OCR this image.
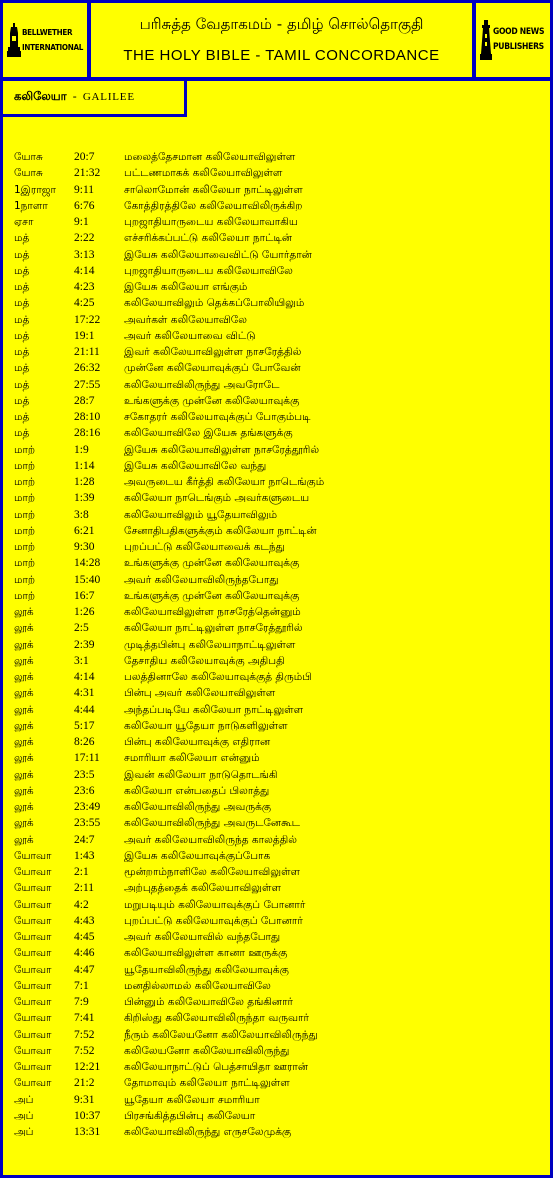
BELLWETHER
INTERNATIONAL
பரிசுத்த வேதாகமம் - தமிழ் சொல்தொகுதி
THE HOLY BIBLE - TAMIL CONCORDANCE
GOOD NEWS
PUBLISHERS
கலிலேயா - GALILEE
யோசு	20:7	மலைத்தேசமான கலிலேயாவிலுள்ள
யோசு	21:32 பட்டணமாகக் கலிலேயாவிலுள்ள
1இராஜா 9:11	சாலொமோன் கலிலேயா நாட்டிலுள்ள
1நாளா 6:76	கோத்திரத்திலே கலிலேயாவிலிருக்கிற
ஏசா	9:1	புறஜாதியாருடைய கலிலேயாவாகிய
மத்	2:22	எச்சரிக்கப்பட்டு கலிலேயா நாட்டின்
மத்	3:13	இயேசு கலிலேயாவைவிட்டு யோர்தான்
மத்	4:14	புறஜாதியாருடைய கலிலேயாவிலே
மத்	4:23	இயேசு கலிலேயா எங்கும்
மத்	4:25	கலிலேயாவிலும் தெக்கப்போலியிலும்
மத்	17:22 அவர்கள் கலிலேயாவிலே
மத்	19:1	அவர் கலிலேயாவை விட்டு
மத்	21:11 இவர் கலிலேயாவிலுள்ள நாசரேத்தில்
மத்	26:32 முன்னே கலிலேயாவுக்குப் போவேன்
மத்	27:55 கலிலேயாவிலிருந்து அவரோடே
மத்	28:7	உங்களுக்கு முன்னே கலிலேயாவுக்கு
மத்	28:10 சகோதரர் கலிலேயாவுக்குப் போகும்படி
மத்	28:16 கலிலேயாவிலே இயேசு தங்களுக்கு
மாற்	1:9	இயேசு கலிலேயாவிலுள்ள நாசரேத்தூரில்
மாற்	1:14	இயேசு கலிலேயாவிலே வந்து
மாற்	1:28	அவருடைய கீர்த்தி கலிலேயா நாடெங்கும்
மாற்	1:39	கலிலேயா நாடெங்கும் அவர்களுடைய
மாற்	3:8	கலிலேயாவிலும் யூதேயாவிலும்
மாற்	6:21	சேனாதிபதிகளுக்கும் கலிலேயா நாட்டின்
மாற்	9:30	புறப்பட்டு கலிலேயாவைக் கடந்து
மாற்	14:28 உங்களுக்கு முன்னே கலிலேயாவுக்கு
மாற்	15:40 அவர் கலிலேயாவிலிருந்தபோது
மாற்	16:7	உங்களுக்கு முன்னே கலிலேயாவுக்கு
லூக்	1:26	கலிலேயாவிலுள்ள நாசரேத்தென்னும்
லூக்	2:5	கலிலேயா நாட்டிலுள்ள நாசரேத்தூரில்
லூக்	2:39	முடித்தபின்பு கலிலேயாநாட்டிலுள்ள
லூக்	3:1	தேசாதிய கலிலேயாவுக்கு அதிபதி
லூக்	4:14	பலத்தினாலே கலிலேயாவுக்குத் திரும்பி
லூக்	4:31	பின்பு அவர் கலிலேயாவிலுள்ள
லூக்	4:44	அந்தப்படியே கலிலேயா நாட்டிலுள்ள
லூக்	5:17	கலிலேயா யூதேயா நாடுகளிலுள்ள
லூக்	8:26	பின்பு கலிலேயாவுக்கு எதிரான
லூக்	17:11 சமாரியா கலிலேயா என்னும்
லூக்	23:5	இவன் கலிலேயா நாடுதொடங்கி
லூக்	23:6	கலிலேயா என்பதைப் பிலாத்து
லூக்	23:49 கலிலேயாவிலிருந்து அவருக்கு
லூக்	23:55 கலிலேயாவிலிருந்து அவருடனேகூட
லூக்	24:7	அவர் கலிலேயாவிலிருந்த காலத்தில்
யோவா 1:43	இயேசு கலிலேயாவுக்குப்போக
யோவா 2:1	மூன்றாம்நாளிலே கலிலேயாவிலுள்ள
யோவா 2:11	அற்புதத்தைக் கலிலேயாவிலுள்ள
யோவா 4:2	மறுபடியும் கலிலேயாவுக்குப் போனார்
யோவா 4:43	புறப்பட்டு கலிலேயாவுக்குப் போனார்
யோவா 4:45	அவர் கலிலேயாவில் வந்தபோது
யோவா 4:46	கலிலேயாவிலுள்ள கானா ஊருக்கு
யோவா 4:47	யூதேயாவிலிருந்து கலிலேயாவுக்கு
யோவா 7:1	மனதில்லாமல் கலிலேயாவிலே
யோவா 7:9	பின்னும் கலிலேயாவிலே தங்கினார்
யோவா 7:41	கிறிஸ்து கலிலேயாவிலிருந்தா வருவார்
யோவா 7:52	நீரும் கலிலேயனோ கலிலேயாவிலிருந்து
யோவா 7:52	கலிலேயனோ கலிலேயாவிலிருந்து
யோவா 12:21 கலிலேயாநாட்டுப் பெத்சாயிதா ஊரான்
யோவா 21:2	தோமாவும் கலிலேயா நாட்டிலுள்ள
அப்	9:31	யூதேயா கலிலேயா சமாரியா
அப்	10:37 பிரசங்கித்தபின்பு கலிலேயா
அப்	13:31 கலிலேயாவிலிருந்து எருசலேமுக்கு
